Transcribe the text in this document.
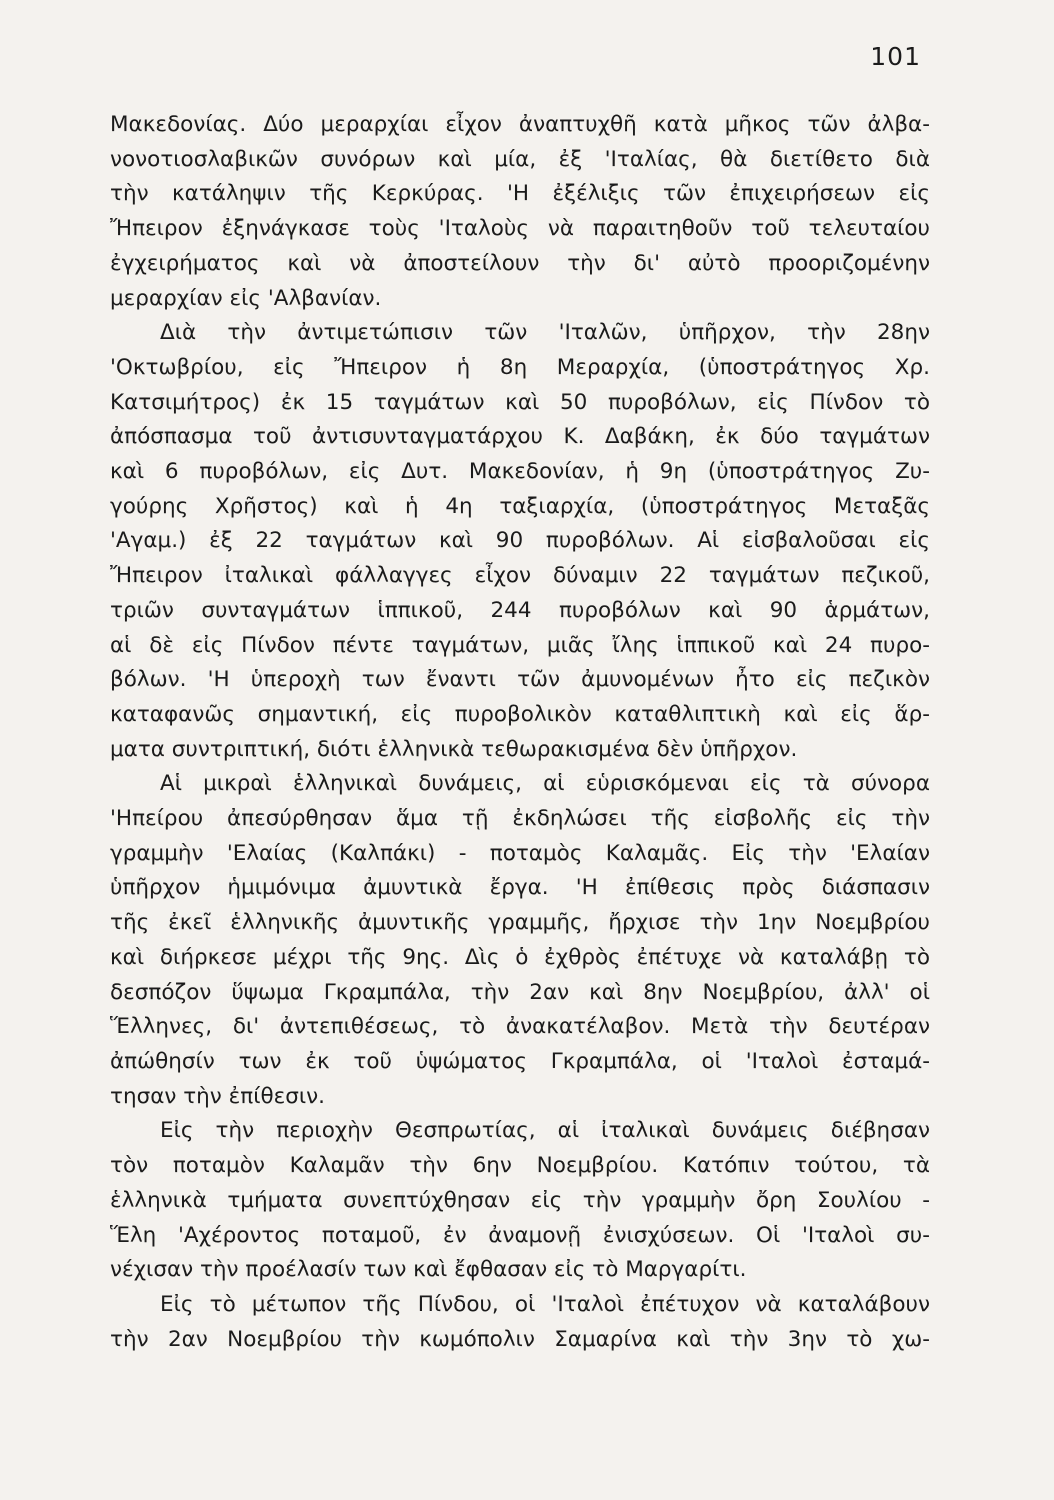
101
Μακεδονίας. Δύο μεραρχίαι εἶχον ἀναπτυχθῆ κατὰ μῆκος τῶν ἀλβα-
νονοτιοσλαβικῶν συνόρων καὶ μία, ἐξ 'Ιταλίας, θὰ διετίθετο διὰ
τὴν κατάληψιν τῆς Κερκύρας. 'Η ἐξέλιξις τῶν ἐπιχειρήσεων εἰς
Ἤπειρον ἐξηνάγκασε τοὺς 'Ιταλοὺς νὰ παραιτηθοῦν τοῦ τελευταίου
ἐγχειρήματος καὶ νὰ ἀποστείλουν τὴν δι' αὐτὸ προοριζομένην
μεραρχίαν εἰς 'Αλβανίαν.
Διὰ τὴν ἀντιμετώπισιν τῶν 'Ιταλῶν, ὑπῆρχον, τὴν 28ην
'Οκτωβρίου, εἰς Ἤπειρον ἡ 8η Μεραρχία, (ὑποστράτηγος Χρ.
Κατσιμήτρος) ἐκ 15 ταγμάτων καὶ 50 πυροβόλων, εἰς Πίνδον τὸ
ἀπόσπασμα τοῦ ἀντισυνταγματάρχου Κ. Δαβάκη, ἐκ δύο ταγμάτων
καὶ 6 πυροβόλων, εἰς Δυτ. Μακεδονίαν, ἡ 9η (ὑποστράτηγος Ζυ-
γούρης Χρῆστος) καὶ ἡ 4η ταξιαρχία, (ὑποστράτηγος Μεταξᾶς
'Αγαμ.) ἐξ 22 ταγμάτων καὶ 90 πυροβόλων. Αἱ εἰσβαλοῦσαι εἰς
Ἤπειρον ἰταλικαὶ φάλλαγγες εἶχον δύναμιν 22 ταγμάτων πεζικοῦ,
τριῶν συνταγμάτων ἱππικοῦ, 244 πυροβόλων καὶ 90 ἁρμάτων,
αἱ δὲ εἰς Πίνδον πέντε ταγμάτων, μιᾶς ἴλης ἱππικοῦ καὶ 24 πυρο-
βόλων. 'Η ὑπεροχὴ των ἔναντι τῶν ἀμυνομένων ἦτο εἰς πεζικὸν
καταφανῶς σημαντική, εἰς πυροβολικὸν καταθλιπτικὴ καὶ εἰς ἅρ-
ματα συντριπτική, διότι ἑλληνικὰ τεθωρακισμένα δὲν ὑπῆρχον.
Αἱ μικραὶ ἑλληνικαὶ δυνάμεις, αἱ εὑρισκόμεναι εἰς τὰ σύνορα
'Ηπείρου ἀπεσύρθησαν ἅμα τῇ ἐκδηλώσει τῆς εἰσβολῆς εἰς τὴν
γραμμὴν 'Ελαίας (Καλπάκι) - ποταμὸς Καλαμᾶς. Εἰς τὴν 'Ελαίαν
ὑπῆρχον ἡμιμόνιμα ἀμυντικὰ ἔργα. 'Η ἐπίθεσις πρὸς διάσπασιν
τῆς ἐκεῖ ἑλληνικῆς ἀμυντικῆς γραμμῆς, ἤρχισε τὴν 1ην Νοεμβρίου
καὶ διήρκεσε μέχρι τῆς 9ης. Δὶς ὁ ἐχθρὸς ἐπέτυχε νὰ καταλάβῃ τὸ
δεσπόζον ὕψωμα Γκραμπάλα, τὴν 2αν καὶ 8ην Νοεμβρίου, ἀλλ' οἱ
Ἕλληνες, δι' ἀντεπιθέσεως, τὸ ἀνακατέλαβον. Μετὰ τὴν δευτέραν
ἀπώθησίν των ἐκ τοῦ ὑψώματος Γκραμπάλα, οἱ 'Ιταλοὶ ἐσταμά-
τησαν τὴν ἐπίθεσιν.
Εἰς τὴν περιοχὴν Θεσπρωτίας, αἱ ἰταλικαὶ δυνάμεις διέβησαν
τὸν ποταμὸν Καλαμᾶν τὴν 6ην Νοεμβρίου. Κατόπιν τούτου, τὰ
ἑλληνικὰ τμήματα συνεπτύχθησαν εἰς τὴν γραμμὴν ὄρη Σουλίου -
Ἕλη 'Αχέροντος ποταμοῦ, ἐν ἀναμονῇ ἐνισχύσεων. Οἱ 'Ιταλοὶ συ-
νέχισαν τὴν προέλασίν των καὶ ἔφθασαν εἰς τὸ Μαργαρίτι.
Εἰς τὸ μέτωπον τῆς Πίνδου, οἱ 'Ιταλοὶ ἐπέτυχον νὰ καταλάβουν
τὴν 2αν Νοεμβρίου τὴν κωμόπολιν Σαμαρίνα καὶ τὴν 3ην τὸ χω-
